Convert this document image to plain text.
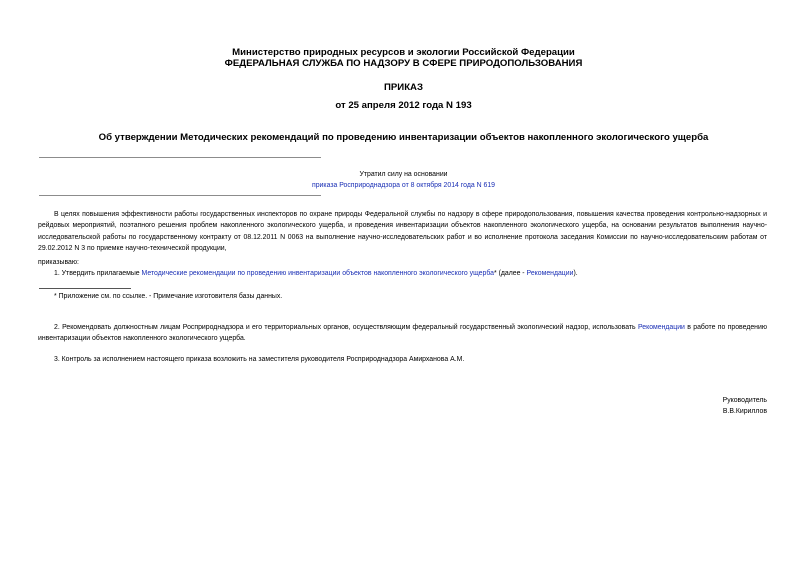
Министерство природных ресурсов и экологии Российской Федерации
ФЕДЕРАЛЬНАЯ СЛУЖБА ПО НАДЗОРУ В СФЕРЕ ПРИРОДОПОЛЬЗОВАНИЯ
ПРИКАЗ
от 25 апреля 2012 года N 193
Об утверждении Методических рекомендаций по проведению инвентаризации объектов накопленного экологического ущерба
Утратил силу на основании
приказа Росприроднадзора от 8 октября 2014 года N 619
В целях повышения эффективности работы государственных инспекторов по охране природы Федеральной службы по надзору в сфере природопользования, повышения качества проведения контрольно-надзорных и рейдовых мероприятий, поэтапного решения проблем накопленного экологического ущерба, и проведения инвентаризации объектов накопленного экологического ущерба, на основании результатов выполнения научно-исследовательской работы по государственному контракту от 08.12.2011 N 0063 на выполнение научно-исследовательских работ и во исполнение протокола заседания Комиссии по научно-исследовательским работам от 29.02.2012 N 3 по приемке научно-технической продукции,
приказываю:
1. Утвердить прилагаемые Методические рекомендации по проведению инвентаризации объектов накопленного экологического ущерба* (далее - Рекомендации).
* Приложение см. по ссылке. - Примечание изготовителя базы данных.
2. Рекомендовать должностным лицам Росприроднадзора и его территориальных органов, осуществляющим федеральный государственный экологический надзор, использовать Рекомендации в работе по проведению инвентаризации объектов накопленного экологического ущерба.
3. Контроль за исполнением настоящего приказа возложить на заместителя руководителя Росприроднадзора Амирханова А.М.
Руководитель
В.В.Кириллов
